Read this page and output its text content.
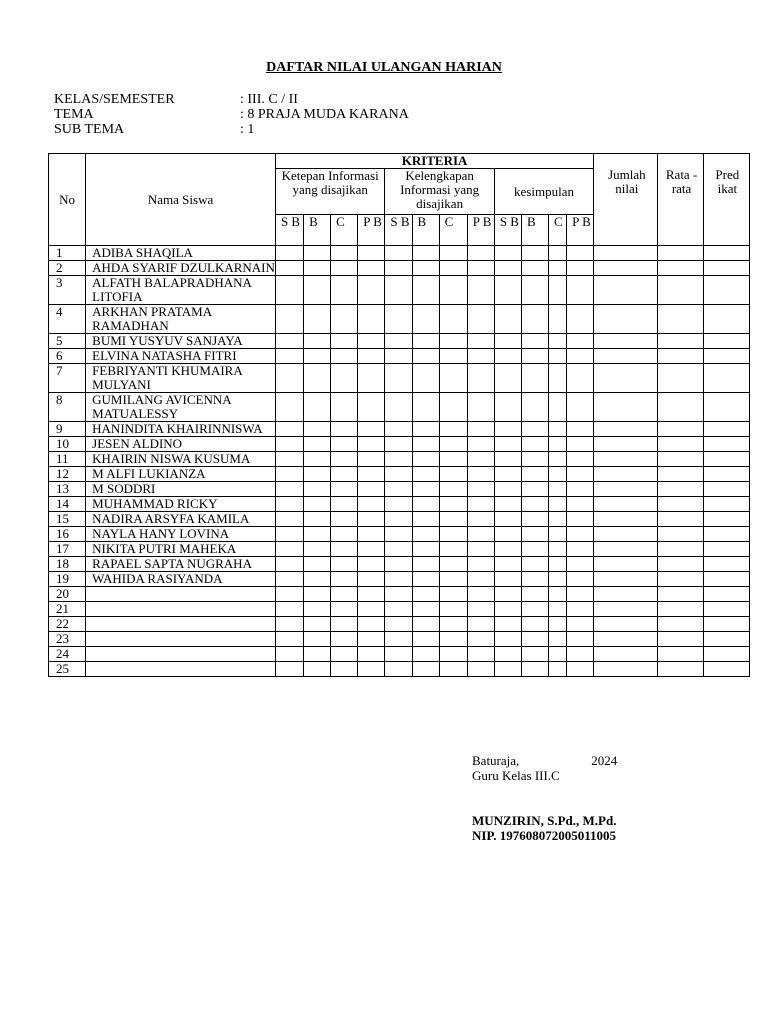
DAFTAR NILAI ULANGAN HARIAN
KELAS/SEMESTER	: III. C / II
TEMA	: 8 PRAJA MUDA KARANA
SUB TEMA	: 1
No	Nama Siswa	KRITERIA												Jumlah nilai	Rata -rata	Pred ikat
		Ketepan Informasi yang disajikan				Kelengkapan Informasi yang disajikan				kesimpulan						
		S B	B	C	P B	S B	B	C	P B	S B	B	C	P B			
1	ADIBA SHAQILA															
2	AHDA SYARIF DZULKARNAIN															
3	ALFATH BALAPRADHANA LITOFIA															
4	ARKHAN PRATAMA RAMADHAN															
5	BUMI YUSYUV SANJAYA															
6	ELVINA NATASHA FITRI															
7	FEBRIYANTI KHUMAIRA MULYANI															
8	GUMILANG AVICENNA MATUALESSY															
9	HANINDITA KHAIRINNISWA															
10	JESEN ALDINO															
11	KHAIRIN NISWA KUSUMA															
12	M ALFI LUKIANZA															
13	M SODDRI															
14	MUHAMMAD RICKY															
15	NADIRA ARSYFA KAMILA															
16	NAYLA HANY LOVINA															
17	NIKITA PUTRI MAHEKA															
18	RAPAEL SAPTA NUGRAHA															
19	WAHIDA RASIYANDA															
20																
21																
22																
23																
24																
25																
Baturaja,	2024
Guru Kelas III.C
MUNZIRIN, S.Pd., M.Pd.
NIP. 197608072005011005
